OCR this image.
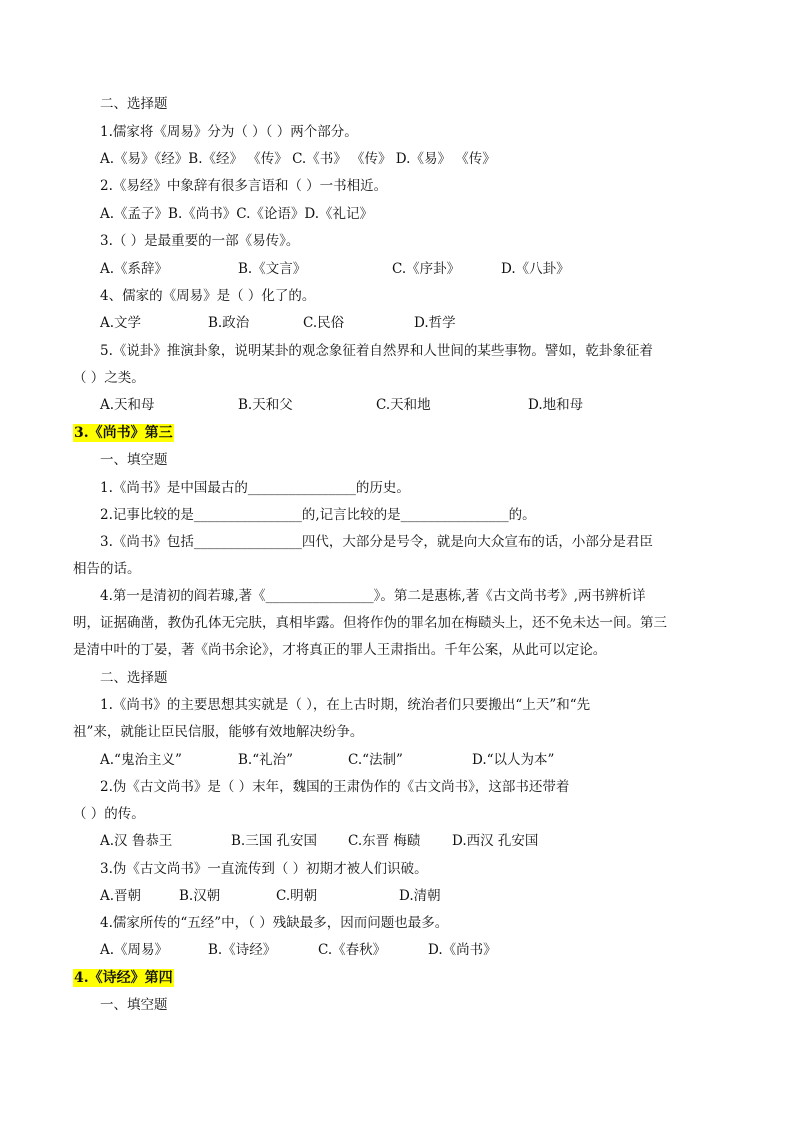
二、选择题
1.儒家将《周易》分为（ ）（ ）两个部分。
A.《易》《经》B.《经》 《传》 C.《书》 《传》 D.《易》 《传》
2.《易经》中象辞有很多言语和（ ）一书相近。
A.《孟子》B.《尚书》C.《论语》D.《礼记》
3.（ ）是最重要的一部《易传》。
A.《系辞》	B.《文言》	C.《序卦》	D.《八卦》
4、儒家的《周易》是（ ）化了的。
A.文学	B.政治	C.民俗	D.哲学
5.《说卦》推演卦象，说明某卦的观念象征着自然界和人世间的某些事物。譬如，乾卦象征着
（ ）之类。
A.天和母	B.天和父	C.天和地	D.地和母
3.《尚书》第三
一、填空题
1.《尚书》是中国最古的________________的历史。
2.记事比较的是________________的,记言比较的是________________的。
3.《尚书》包括________________四代，大部分是号令，就是向大众宣布的话，小部分是君臣
相告的话。
4.第一是清初的阎若璩,著《________________》。第二是惠栋,著《古文尚书考》,两书辨析详
明，证据确凿，教伪孔体无完肤，真相毕露。但将作伪的罪名加在梅赜头上，还不免未达一间。第三
是清中叶的丁晏，著《尚书余论》，才将真正的罪人王肃指出。千年公案，从此可以定论。
二、选择题
1.《尚书》的主要思想其实就是（ ），在上古时期，统治者们只要搬出“上天”和“先
祖”来，就能让臣民信服，能够有效地解决纷争。
A.“鬼治主义”	B.“礼治”	C.“法制”	D.“以人为本”
2.伪《古文尚书》是（ ）末年，魏国的王肃伪作的《古文尚书》，这部书还带着
（ ）的传。
A.汉 鲁恭王	B.三国 孔安国 C.东晋 梅赜 D.西汉 孔安国
3.伪《古文尚书》一直流传到（ ）初期才被人们识破。
A.晋朝	B.汉朝	C.明朝	D.清朝
4.儒家所传的“五经”中，（ ）残缺最多，因而问题也最多。
A.《周易》	B.《诗经》	C.《春秋》	D.《尚书》
4.《诗经》第四
一、填空题
